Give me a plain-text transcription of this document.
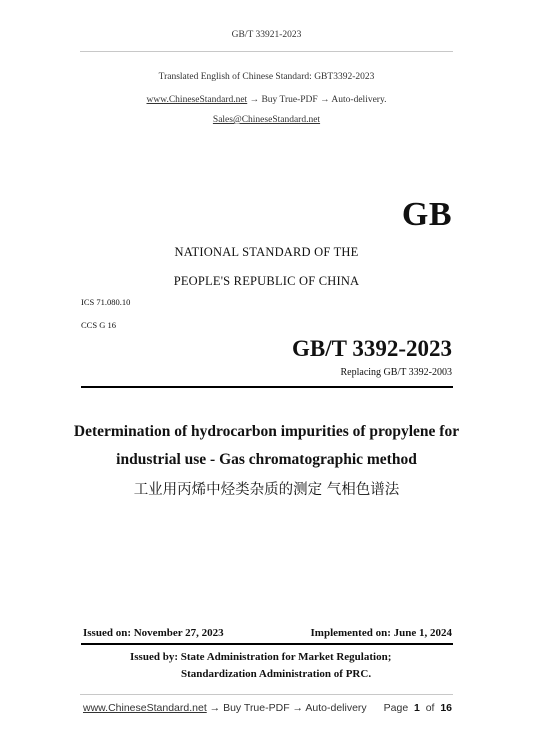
GB/T 33921-2023
Translated English of Chinese Standard: GBT3392-2023
www.ChineseStandard.net → Buy True-PDF → Auto-delivery.
Sales@ChineseStandard.net
GB
NATIONAL STANDARD OF THE
PEOPLE'S REPUBLIC OF CHINA
ICS 71.080.10
CCS G 16
GB/T 3392-2023
Replacing GB/T 3392-2003
Determination of hydrocarbon impurities of propylene for
industrial use - Gas chromatographic method
工业用丙烯中烃类杂质的测定 气相色谱法
Issued on: November 27, 2023	Implemented on: June 1, 2024
Issued by: State Administration for Market Regulation;
Standardization Administration of PRC.
www.ChineseStandard.net → Buy True-PDF → Auto-delivery Page 1 of 16
